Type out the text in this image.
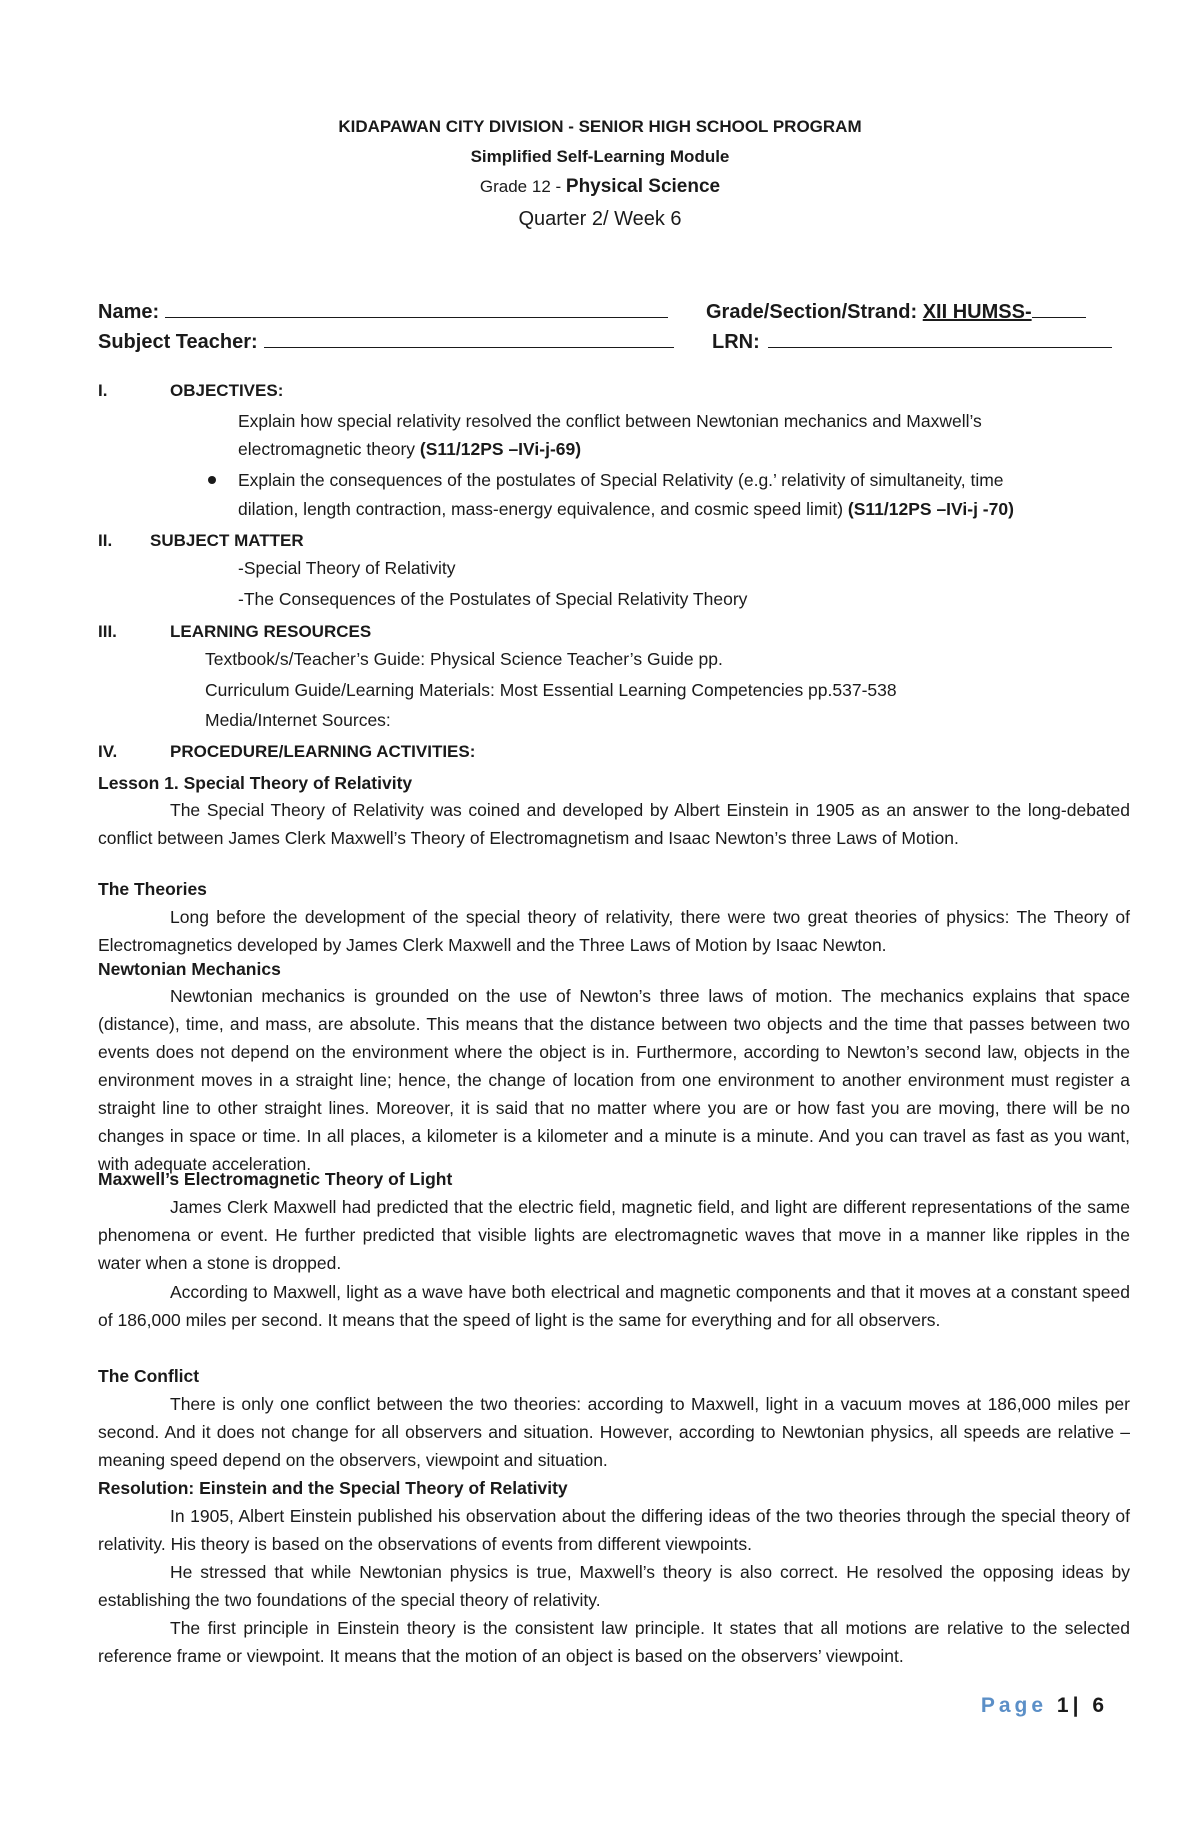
KIDAPAWAN CITY DIVISION - SENIOR HIGH SCHOOL PROGRAM
Simplified Self-Learning Module
Grade 12 - Physical Science
Quarter 2/ Week 6
Name:	Grade/Section/Strand: XII HUMSS-
Subject Teacher:	LRN:
I.	OBJECTIVES:
Explain how special relativity resolved the conflict between Newtonian mechanics and Maxwell’s
electromagnetic theory (S11/12PS –IVi-j-69)
Explain the consequences of the postulates of Special Relativity (e.g.’ relativity of simultaneity, time
dilation, length contraction, mass-energy equivalence, and cosmic speed limit) (S11/12PS –IVi-j -70)
II. SUBJECT MATTER
-Special Theory of Relativity
-The Consequences of the Postulates of Special Relativity Theory
III.	LEARNING RESOURCES
Textbook/s/Teacher’s Guide: Physical Science Teacher’s Guide pp.
Curriculum Guide/Learning Materials: Most Essential Learning Competencies pp.537-538
Media/Internet Sources:
IV.	PROCEDURE/LEARNING ACTIVITIES:
Lesson 1. Special Theory of Relativity
The Special Theory of Relativity was coined and developed by Albert Einstein in 1905 as an answer to the long-debated conflict between James Clerk Maxwell’s Theory of Electromagnetism and Isaac Newton’s three Laws of Motion.
The Theories
Long before the development of the special theory of relativity, there were two great theories of physics: The Theory of Electromagnetics developed by James Clerk Maxwell and the Three Laws of Motion by Isaac Newton.
Newtonian Mechanics
Newtonian mechanics is grounded on the use of Newton’s three laws of motion. The mechanics explains that space (distance), time, and mass, are absolute. This means that the distance between two objects and the time that passes between two events does not depend on the environment where the object is in. Furthermore, according to Newton’s second law, objects in the environment moves in a straight line; hence, the change of location from one environment to another environment must register a straight line to other straight lines. Moreover, it is said that no matter where you are or how fast you are moving, there will be no changes in space or time. In all places, a kilometer is a kilometer and a minute is a minute. And you can travel as fast as you want, with adequate acceleration.
Maxwell’s Electromagnetic Theory of Light
James Clerk Maxwell had predicted that the electric field, magnetic field, and light are different representations of the same phenomena or event. He further predicted that visible lights are electromagnetic waves that move in a manner like ripples in the water when a stone is dropped.
According to Maxwell, light as a wave have both electrical and magnetic components and that it moves at a constant speed of 186,000 miles per second. It means that the speed of light is the same for everything and for all observers.
The Conflict
There is only one conflict between the two theories: according to Maxwell, light in a vacuum moves at 186,000 miles per second. And it does not change for all observers and situation. However, according to Newtonian physics, all speeds are relative – meaning speed depend on the observers, viewpoint and situation.
Resolution: Einstein and the Special Theory of Relativity
In 1905, Albert Einstein published his observation about the differing ideas of the two theories through the special theory of relativity. His theory is based on the observations of events from different viewpoints.
He stressed that while Newtonian physics is true, Maxwell’s theory is also correct. He resolved the opposing ideas by establishing the two foundations of the special theory of relativity.
The first principle in Einstein theory is the consistent law principle. It states that all motions are relative to the selected reference frame or viewpoint. It means that the motion of an object is based on the observers’ viewpoint.
Page 1| 6
